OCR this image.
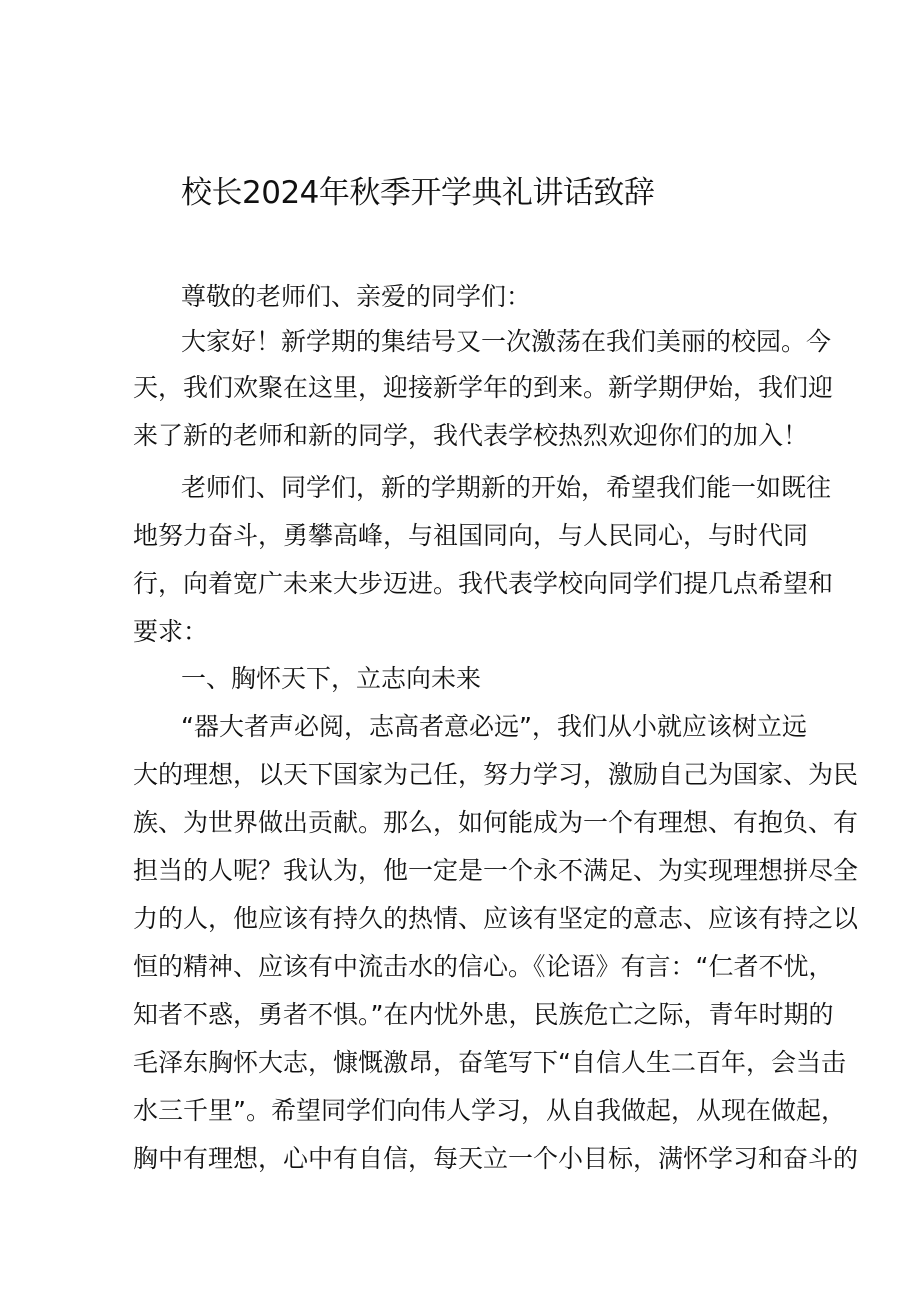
校长2024年秋季开学典礼讲话致辞
尊敬的老师们、亲爱的同学们：
大家好！新学期的集结号又一次激荡在我们美丽的校园。今
天，我们欢聚在这里，迎接新学年的到来。新学期伊始，我们迎
来了新的老师和新的同学，我代表学校热烈欢迎你们的加入！
老师们、同学们，新的学期新的开始，希望我们能一如既往
地努力奋斗，勇攀高峰，与祖国同向，与人民同心，与时代同
行，向着宽广未来大步迈进。我代表学校向同学们提几点希望和
要求：
一、胸怀天下，立志向未来
“器大者声必阅，志高者意必远”，我们从小就应该树立远
大的理想，以天下国家为己任，努力学习，激励自己为国家、为民
族、为世界做出贡献。那么，如何能成为一个有理想、有抱负、有
担当的人呢？我认为，他一定是一个永不满足、为实现理想拼尽全
力的人，他应该有持久的热情、应该有坚定的意志、应该有持之以
恒的精神、应该有中流击水的信心。《论语》有言：“仁者不忧，
知者不惑，勇者不惧。”在内忧外患，民族危亡之际，青年时期的
毛泽东胸怀大志，慷慨激昂，奋笔写下“自信人生二百年，会当击
水三千里”。希望同学们向伟人学习，从自我做起，从现在做起，
胸中有理想，心中有自信，每天立一个小目标，满怀学习和奋斗的
